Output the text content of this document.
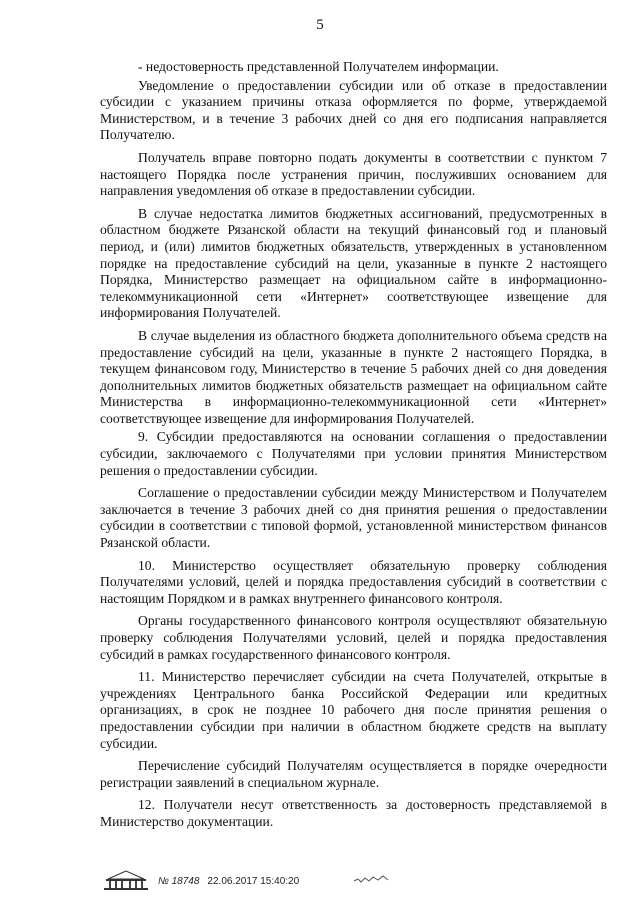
5

- недостоверность представленной Получателем информации.

Уведомление о предоставлении субсидии или об отказе в предоставлении субсидии с указанием причины отказа оформляется по форме, утверждаемой Министерством, и в течение 3 рабочих дней со дня его подписания направляется Получателю.

Получатель вправе повторно подать документы в соответствии с пунктом 7 настоящего Порядка после устранения причин, послуживших основанием для направления уведомления об отказе в предоставлении субсидии.

В случае недостатка лимитов бюджетных ассигнований, предусмотренных в областном бюджете Рязанской области на текущий финансовый год и плановый период, и (или) лимитов бюджетных обязательств, утвержденных в установленном порядке на предоставление субсидий на цели, указанные в пункте 2 настоящего Порядка, Министерство размещает на официальном сайте в информационно-телекоммуникационной сети «Интернет» соответствующее извещение для информирования Получателей.

В случае выделения из областного бюджета дополнительного объема средств на предоставление субсидий на цели, указанные в пункте 2 настоящего Порядка, в текущем финансовом году, Министерство в течение 5 рабочих дней со дня доведения дополнительных лимитов бюджетных обязательств размещает на официальном сайте Министерства в информационно-телекоммуникационной сети «Интернет» соответствующее извещение для информирования Получателей.

9. Субсидии предоставляются на основании соглашения о предоставлении субсидии, заключаемого с Получателями при условии принятия Министерством решения о предоставлении субсидии.

Соглашение о предоставлении субсидии между Министерством и Получателем заключается в течение 3 рабочих дней со дня принятия решения о предоставлении субсидии в соответствии с типовой формой, установленной министерством финансов Рязанской области.

10. Министерство осуществляет обязательную проверку соблюдения Получателями условий, целей и порядка предоставления субсидий в соответствии с настоящим Порядком и в рамках внутреннего финансового контроля.

Органы государственного финансового контроля осуществляют обязательную проверку соблюдения Получателями условий, целей и порядка предоставления субсидий в рамках государственного финансового контроля.

11. Министерство перечисляет субсидии на счета Получателей, открытые в учреждениях Центрального банка Российской Федерации или кредитных организациях, в срок не позднее 10 рабочего дня после принятия решения о предоставлении субсидии при наличии в областном бюджете средств на выплату субсидии.

Перечисление субсидий Получателям осуществляется в порядке очередности регистрации заявлений в специальном журнале.

12. Получатели несут ответственность за достоверность представляемой в Министерство документации.

№ 18748 22.06.2017 15:40:20
